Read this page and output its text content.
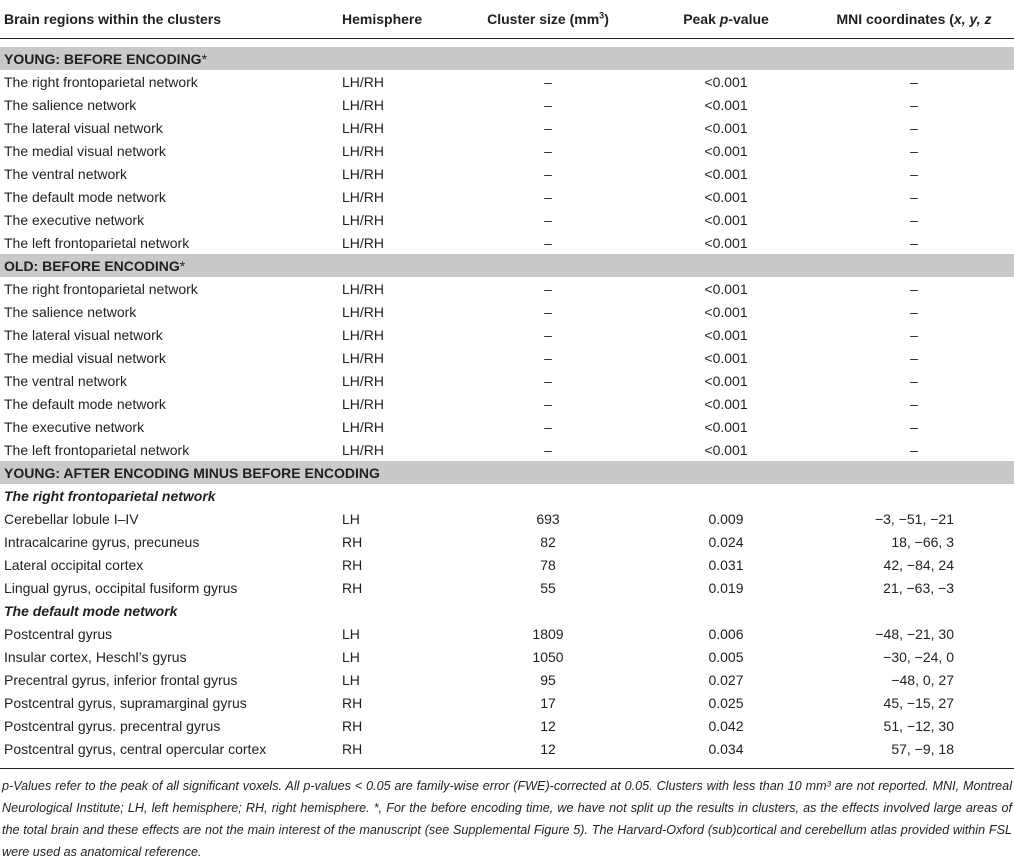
Brain regions within the clusters	Hemisphere	Cluster size $(mm^3)$	Peak p-value	MNI coordinates (x, y, z

YOUNG: BEFORE ENCODING*				
The right frontoparietal network	LH/RH	–	<0.001	–
The salience network	LH/RH	–	<0.001	–
The lateral visual network	LH/RH	–	<0.001	–
The medial visual network	LH/RH	–	<0.001	–
The ventral network	LH/RH	–	<0.001	–
The default mode network	LH/RH	–	<0.001	–
The executive network	LH/RH	–	<0.001	–
The left frontoparietal network	LH/RH	–	<0.001	–
OLD: BEFORE ENCODING*				
The right frontoparietal network	LH/RH	–	<0.001	–
The salience network	LH/RH	–	<0.001	–
The lateral visual network	LH/RH	–	<0.001	–
The medial visual network	LH/RH	–	<0.001	–
The ventral network	LH/RH	–	<0.001	–
The default mode network	LH/RH	–	<0.001	–
The executive network	LH/RH	–	<0.001	–
The left frontoparietal network	LH/RH	–	<0.001	–
YOUNG: AFTER ENCODING MINUS BEFORE ENCODING				
The right frontoparietal network				
Cerebellar lobule I–IV	LH	693	0.009	−3, −51, −21
Intracalcarine gyrus, precuneus	RH	82	0.024	18, −66, 3
Lateral occipital cortex	RH	78	0.031	42, −84, 24
Lingual gyrus, occipital fusiform gyrus	RH	55	0.019	21, −63, −3
The default mode network				
Postcentral gyrus	LH	1809	0.006	−48, −21, 30
Insular cortex, Heschl’s gyrus	LH	1050	0.005	−30, −24, 0
Precentral gyrus, inferior frontal gyrus	LH	95	0.027	−48, 0, 27
Postcentral gyrus, supramarginal gyrus	RH	17	0.025	45, −15, 27
Postcentral gyrus. precentral gyrus	RH	12	0.042	51, −12, 30
Postcentral gyrus, central opercular cortex	RH	12	0.034	57, −9, 18
p-Values refer to the peak of all significant voxels. All p-values < 0.05 are family-wise error (FWE)-corrected at 0.05. Clusters with less than 10 mm³ are not reported. MNI, Montreal Neurological Institute; LH, left hemisphere; RH, right hemisphere. *, For the before encoding time, we have not split up the results in clusters, as the effects involved large areas of the total brain and these effects are not the main interest of the manuscript (see Supplemental Figure 5). The Harvard-Oxford (sub)cortical and cerebellum atlas provided within FSL were used as anatomical reference.
